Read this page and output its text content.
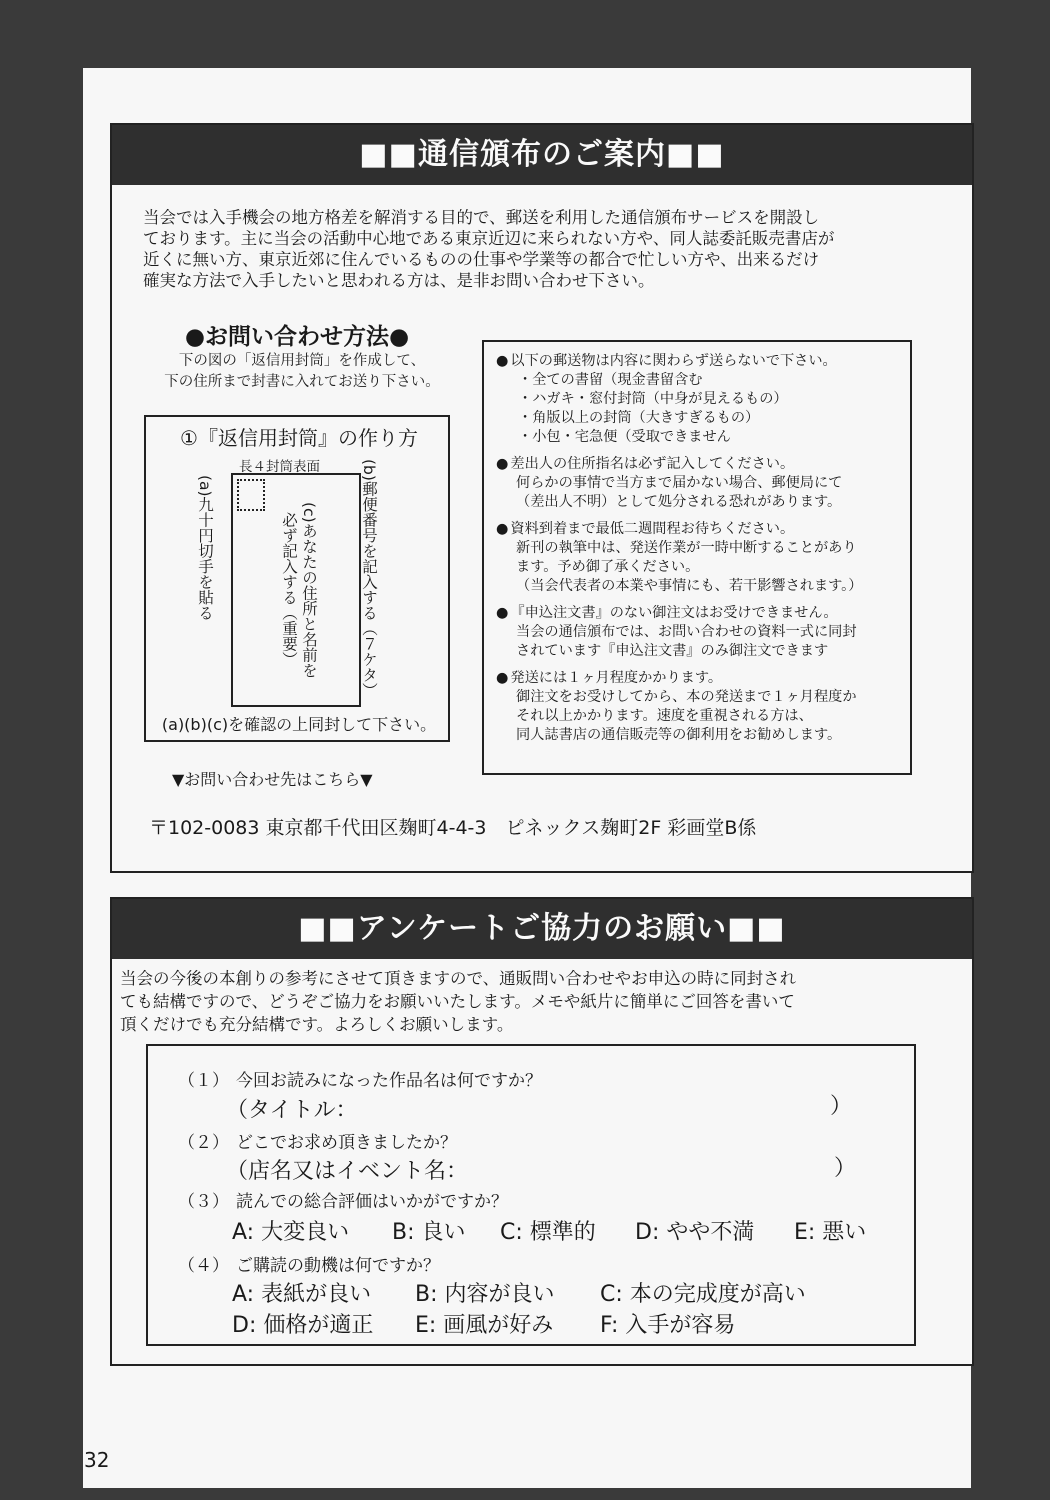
■■通信頒布のご案内■■
当会では入手機会の地方格差を解消する目的で、郵送を利用した通信頒布サービスを開設し
ております。主に当会の活動中心地である東京近辺に来られない方や、同人誌委託販売書店が
近くに無い方、東京近郊に住んでいるものの仕事や学業等の都合で忙しい方や、出来るだけ
確実な方法で入手したいと思われる方は、是非お問い合わせ下さい。
●お問い合わせ方法●
下の図の「返信用封筒」を作成して、
下の住所まで封書に入れてお送り下さい。
①『返信用封筒』の作り方
長４封筒表面
(a)九十円切手を貼る	(b)郵便番号を記入する（７ケタ）
(c)あなたの住所と名前を
必ず記入する（重要）
(a)(b)(c)を確認の上同封して下さい。
▼お問い合わせ先はこちら▼
● 以下の郵送物は内容に関わらず送らないで下さい。
・全ての書留（現金書留含む
・ハガキ・窓付封筒（中身が見えるもの）
・角版以上の封筒（大きすぎるもの）
・小包・宅急便（受取できません
● 差出人の住所指名は必ず記入してください。
何らかの事情で当方まで届かない場合、郵便局にて
（差出人不明）として処分される恐れがあります。
● 資料到着まで最低二週間程お待ちください。
新刊の執筆中は、発送作業が一時中断することがあり
ます。予め御了承ください。
（当会代表者の本業や事情にも、若干影響されます。）
● 『申込注文書』のない御注文はお受けできません。
当会の通信頒布では、お問い合わせの資料一式に同封
されています『申込注文書』のみ御注文できます
● 発送には１ヶ月程度かかります。
御注文をお受けしてから、本の発送まで１ヶ月程度か
それ以上かかります。速度を重視される方は、
同人誌書店の通信販売等の御利用をお勧めします。
〒102-0083 東京都千代田区麹町4-4-3　ピネックス麹町2F 彩画堂B係
■■アンケートご協力のお願い■■
当会の今後の本創りの参考にさせて頂きますので、通販問い合わせやお申込の時に同封され
ても結構ですので、どうぞご協力をお願いいたします。メモや紙片に簡単にご回答を書いて
頂くだけでも充分結構です。よろしくお願いします。
（１） 今回お読みになった作品名は何ですか？
（タイトル：	）
（２） どこでお求め頂きましたか？
（店名又はイベント名：	）
（３） 読んでの総合評価はいかがですか？
A: 大変良い B: 良い C: 標準的 D: やや不満 E: 悪い
（４） ご購読の動機は何ですか？
A: 表紙が良い B: 内容が良い C: 本の完成度が高い
D: 価格が適正 E: 画風が好み F: 入手が容易
32
